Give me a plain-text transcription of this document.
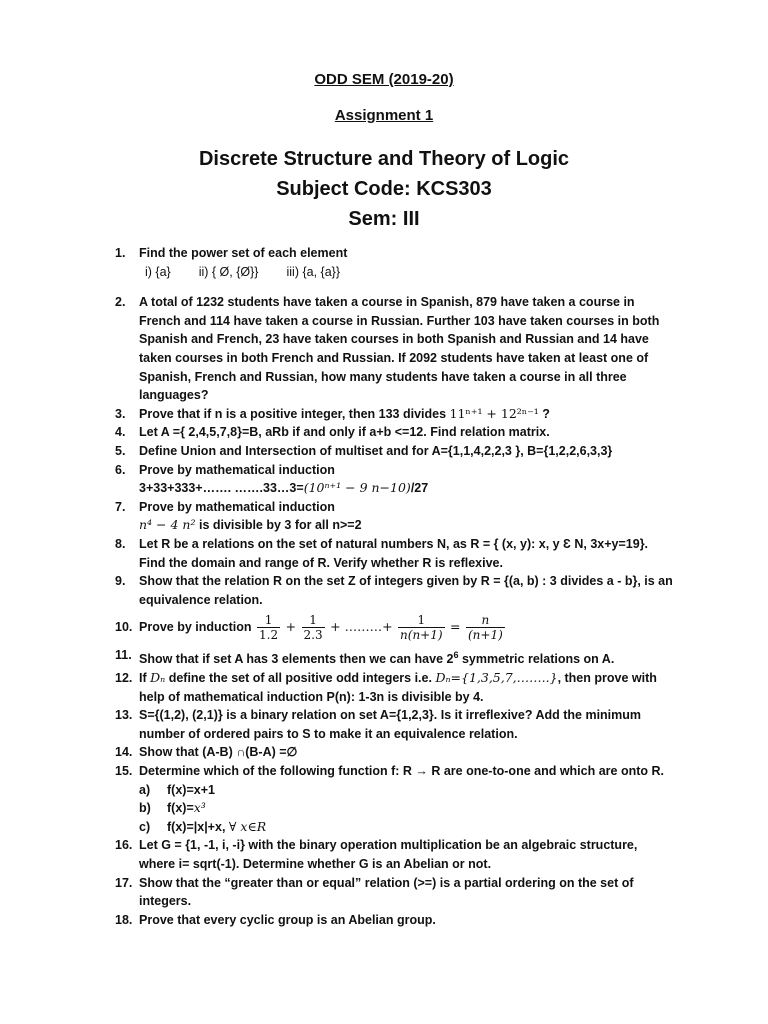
ODD SEM (2019-20)
Assignment 1
Discrete Structure and Theory of Logic
Subject Code: KCS303
Sem: III
1.	Find the power set of each element
i) {a} ii) { Ø, {Ø}} iii) {a, {a}}
2.	A total of 1232 students have taken a course in Spanish, 879 have taken a course in French and 114 have taken a course in Russian. Further 103 have taken courses in both Spanish and French, 23 have taken courses in both Spanish and Russian and 14 have taken courses in both French and Russian. If 2092 students have taken at least one of Spanish, French and Russian, how many students have taken a course in all three languages?
3.	Prove that if n is a positive integer, then 133 divides 11ⁿ⁺¹ + 12²ⁿ⁻¹ ?
4.	Let A ={ 2,4,5,7,8}=B, aRb if and only if a+b <=12. Find relation matrix.
5.	Define Union and Intersection of multiset and for A={1,1,4,2,2,3 }, B={1,2,2,6,3,3}
6.	Prove by mathematical induction
3+33+333+……. …….33…3=(10ⁿ⁺¹ − 9 n−10)/27
7.	Prove by mathematical induction
n⁴ − 4 n² is divisible by 3 for all n>=2
8.	Let R be a relations on the set of natural numbers N, as R = { (x, y): x, y Ɛ N, 3x+y=19}. Find the domain and range of R. Verify whether R is reflexive.
9.	Show that the relation R on the set Z of integers given by R = {(a, b) : 3 divides a - b}, is an equivalence relation.
10. Prove by induction $\frac{1}{1.2} + \frac{1}{2.3}$ + ………+ $\frac{1}{n(n+1)} = \frac{n}{(n+1)}$
11. Show that if set A has 3 elements then we can have $2^6$ symmetric relations on A.
12. If Dₙ define the set of all positive odd integers i.e. Dₙ={1,3,5,7,……..}, then prove with help of mathematical induction P(n): 1-3n is divisible by 4.
13. S={(1,2), (2,1)} is a binary relation on set A={1,2,3}. Is it irreflexive? Add the minimum number of ordered pairs to S to make it an equivalence relation.
14. Show that (A-B) ∩(B-A) =∅
15. Determine which of the following function f: R → R are one-to-one and which are onto R.
a)	f(x)=x+1
b)	f(x)= x³
c)	f(x)=|x|+x,
∀ x∈R
16. Let G = {1, -1, i, -i} with the binary operation multiplication be an algebraic structure, where i= sqrt(-1). Determine whether G is an Abelian or not.
17. Show that the “greater than or equal” relation (>=) is a partial ordering on the set of integers.
18. Prove that every cyclic group is an Abelian group.
